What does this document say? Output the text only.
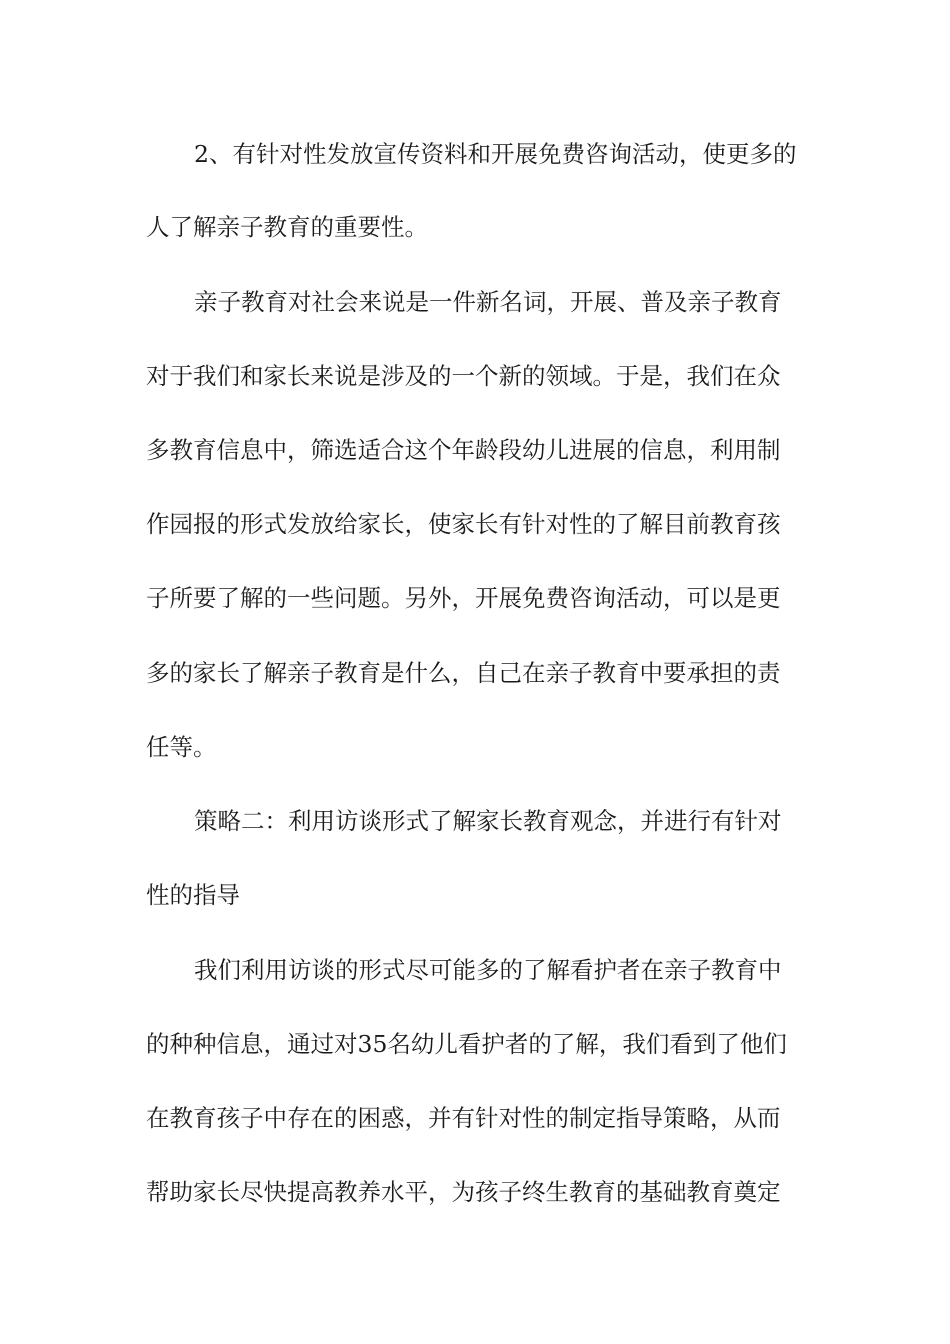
2、有针对性发放宣传资料和开展免费咨询活动，使更多的
人了解亲子教育的重要性。
亲子教育对社会来说是一件新名词，开展、普及亲子教育
对于我们和家长来说是涉及的一个新的领域。于是，我们在众
多教育信息中，筛选适合这个年龄段幼儿进展的信息，利用制
作园报的形式发放给家长，使家长有针对性的了解目前教育孩
子所要了解的一些问题。另外，开展免费咨询活动，可以是更
多的家长了解亲子教育是什么，自己在亲子教育中要承担的责
任等。
策略二：利用访谈形式了解家长教育观念，并进行有针对
性的指导
我们利用访谈的形式尽可能多的了解看护者在亲子教育中
的种种信息，通过对35名幼儿看护者的了解，我们看到了他们
在教育孩子中存在的困惑，并有针对性的制定指导策略，从而
帮助家长尽快提高教养水平，为孩子终生教育的基础教育奠定
